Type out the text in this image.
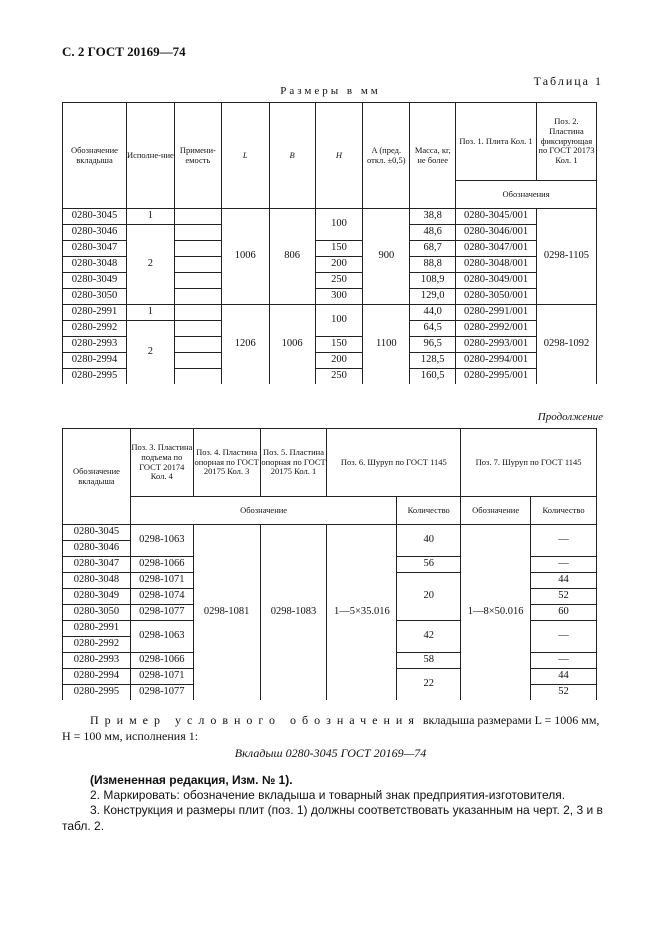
С. 2 ГОСТ 20169—74
Таблица 1
Размеры в мм
Обозначение вкладыша	Исполне-ние	Примени-емость	L	B	H	A (пред. откл. ±0,5)	Масса, кг, не более	Поз. 1. Плита Кол. 1	Поз. 2. Пластина фиксирующая по ГОСТ 20173 Кол. 1
								Обозначения	
0280-3045	1		1006	806	100	900	38,8	0280-3045/001	0298-1105
0280-3046	2						48,6	0280-3046/001	
0280-3047					150		68,7	0280-3047/001	
0280-3048					200		88,8	0280-3048/001	
0280-3049					250		108,9	0280-3049/001	
0280-3050					300		129,0	0280-3050/001	
0280-2991	1		1206	1006	100	1100	44,0	0280-2991/001	0298-1092
0280-2992	2						64,5	0280-2992/001	
0280-2993					150		96,5	0280-2993/001	
0280-2994					200		128,5	0280-2994/001	
0280-2995					250		160,5	0280-2995/001	
Продолжение
Обозначение вкладыша	Поз. 3. Пластина подъема по ГОСТ 20174 Кол. 4	Поз. 4. Пластина опорная по ГОСТ 20175 Кол. 3	Поз. 5. Пластина опорная по ГОСТ 20175 Кол. 1	Поз. 6. Шуруп по ГОСТ 1145		Поз. 7. Шуруп по ГОСТ 1145	
	Обозначение				Количество	Обозначение	Количество
0280-3045	0298-1063	0298-1081	0298-1083	1—5×35.016	40	1—8×50.016	—
0280-3046							
0280-3047	0298-1066				56		—
0280-3048	0298-1071				20		44
0280-3049	0298-1074						52
0280-3050	0298-1077						60
0280-2991	0298-1063				42		—
0280-2992							
0280-2993	0298-1066				58		—
0280-2994	0298-1071				22		44
0280-2995	0298-1077						52
Пример условного обозначения вкладыша размерами L = 1006 мм, H = 100 мм, исполнения 1:
Вкладыш 0280-3045 ГОСТ 20169—74
(Измененная редакция, Изм. № 1).
2. Маркировать: обозначение вкладыша и товарный знак предприятия-изготовителя.
3. Конструкция и размеры плит (поз. 1) должны соответствовать указанным на черт. 2, 3 и в табл. 2.
